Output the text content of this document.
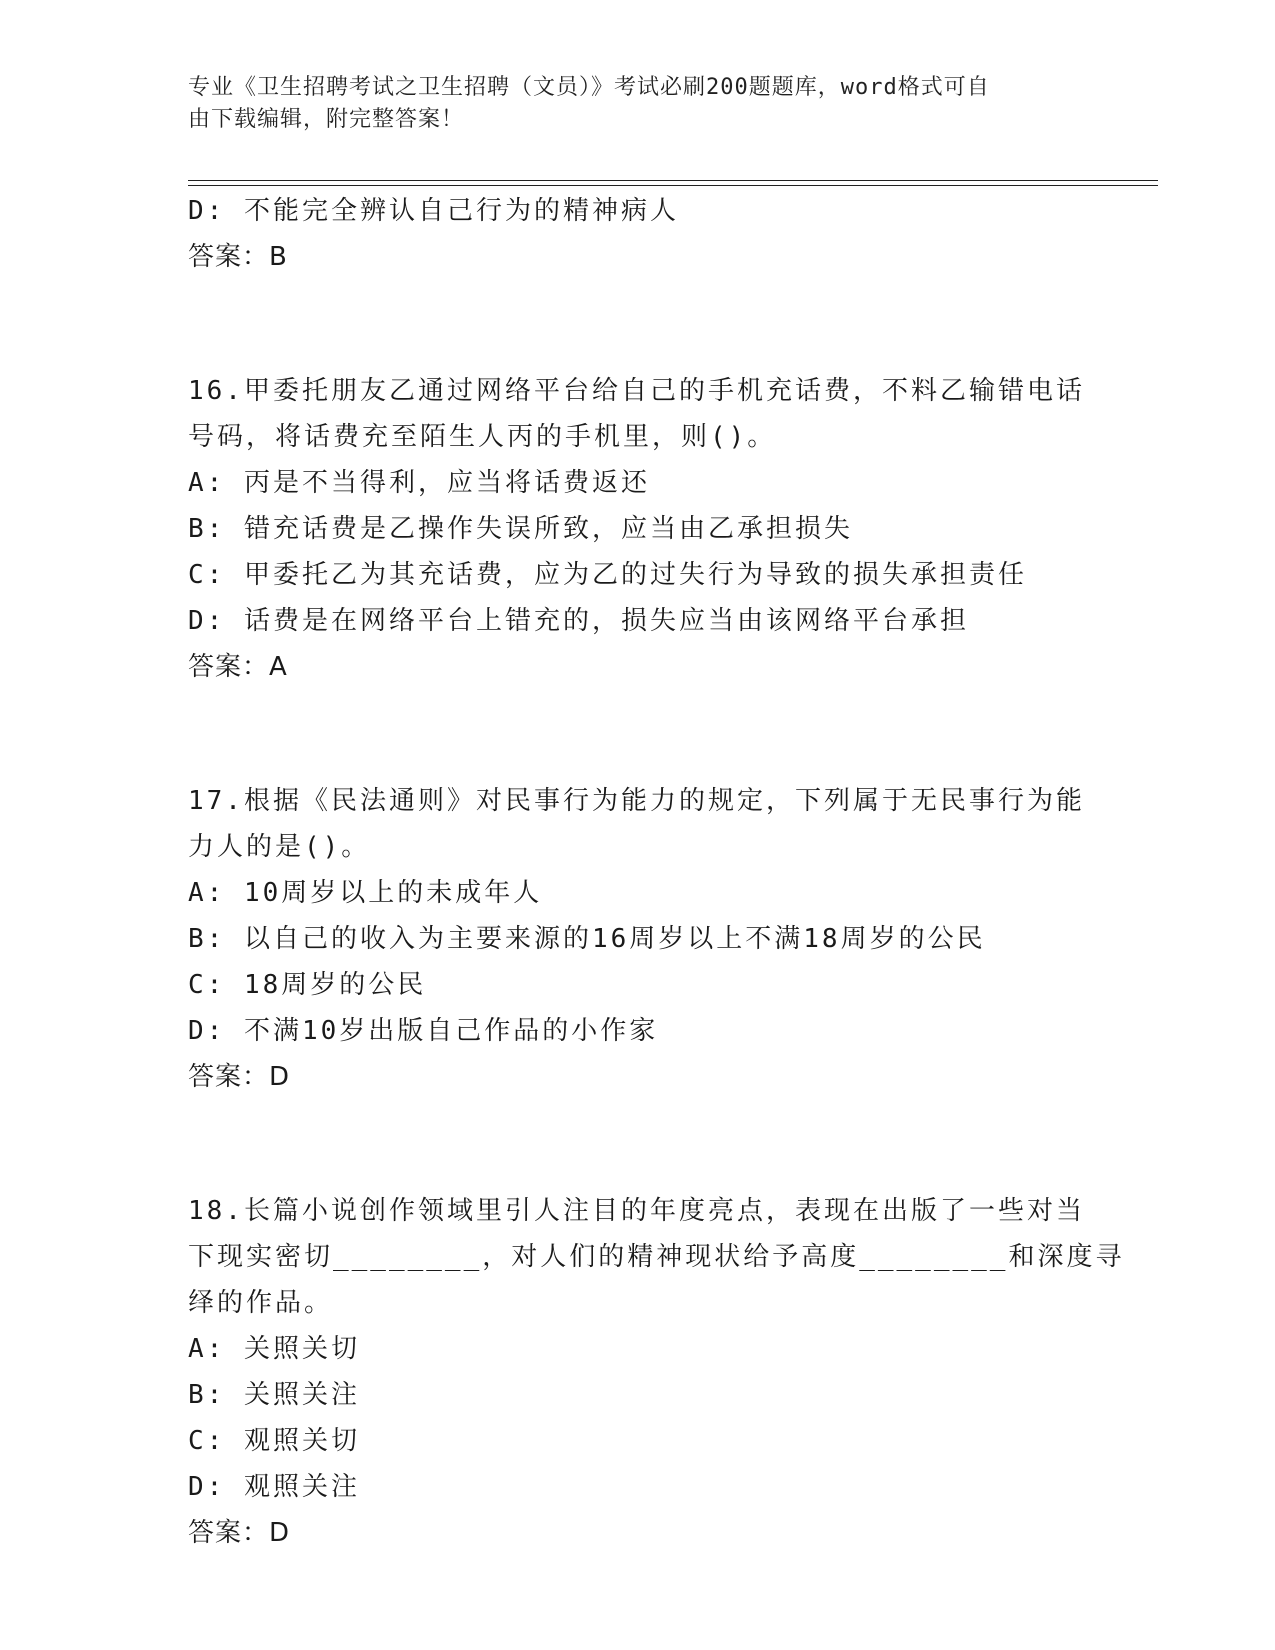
专业《卫生招聘考试之卫生招聘（文员）》考试必刷200题题库，word格式可自
由下载编辑，附完整答案！
D: 不能完全辨认自己行为的精神病人
答案：B
16.甲委托朋友乙通过网络平台给自己的手机充话费，不料乙输错电话
号码，将话费充至陌生人丙的手机里，则()。
A: 丙是不当得利，应当将话费返还
B: 错充话费是乙操作失误所致，应当由乙承担损失
C: 甲委托乙为其充话费，应为乙的过失行为导致的损失承担责任
D: 话费是在网络平台上错充的，损失应当由该网络平台承担
答案：A
17.根据《民法通则》对民事行为能力的规定，下列属于无民事行为能
力人的是()。
A: 10周岁以上的未成年人
B: 以自己的收入为主要来源的16周岁以上不满18周岁的公民
C: 18周岁的公民
D: 不满10岁出版自己作品的小作家
答案：D
18.长篇小说创作领域里引人注目的年度亮点，表现在出版了一些对当
下现实密切________，对人们的精神现状给予高度________和深度寻
绎的作品。
A: 关照关切
B: 关照关注
C: 观照关切
D: 观照关注
答案：D
